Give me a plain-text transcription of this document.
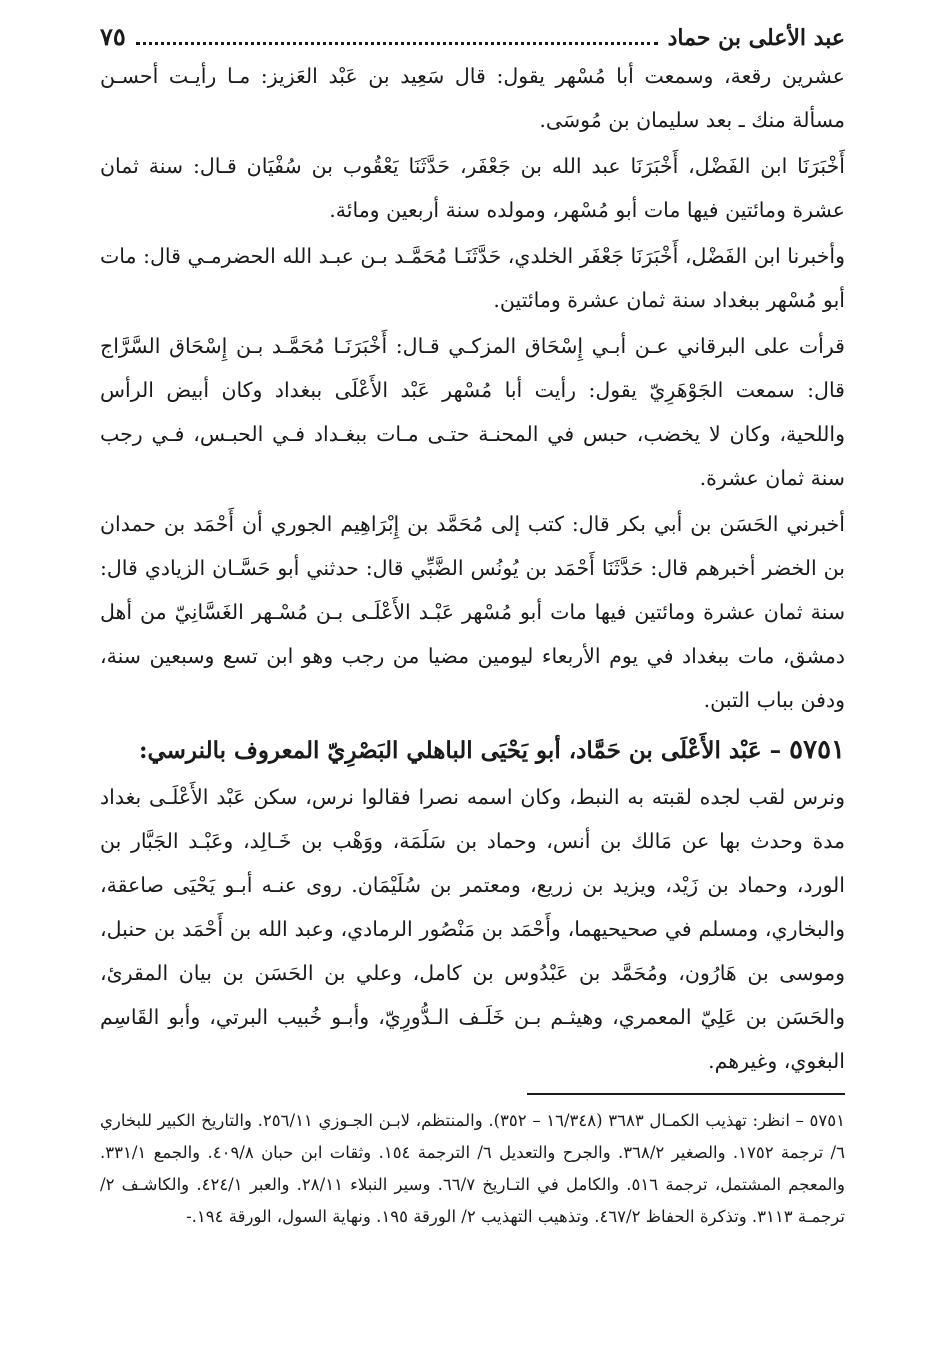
عبد الأعلى بن حماد
٧٥

عشرين رقعة، وسمعت أبا مُسْهر يقول: قال سَعِيد بن عَبْد العَزيز: مـا رأيـت أحسـن مسألة منك ـ بعد سليمان بن مُوسَى.

أَخْبَرَنَا ابن الفَضْل، أَخْبَرَنَا عبد الله بن جَعْفَر، حَدَّثَنَا يَعْقُوب بن سُفْيَان قـال: سنة ثمان عشرة ومائتين فيها مات أبو مُسْهر، ومولده سنة أربعين ومائة.

وأخبرنا ابن الفَضْل، أَخْبَرَنَا جَعْفَر الخلدي، حَدَّثَنَـا مُحَمَّـد بـن عبـد الله الحضرمـي قال: مات أبو مُسْهر ببغداد سنة ثمان عشرة ومائتين.

قرأت على البرقاني عـن أبـي إِسْحَاق المزكـي قـال: أَخْبَرَنَـا مُحَمَّـد بـن إِسْحَاق السَّرَّاج قال: سمعت الجَوْهَرِيّ يقول: رأيت أبا مُسْهر عَبْد الأَعْلَى ببغداد وكان أبيض الرأس واللحية، وكان لا يخضب، حبس في المحنـة حتـى مـات ببغـداد فـي الحبـس، فـي رجب سنة ثمان عشرة.

أخبرني الحَسَن بن أبي بكر قال: كتب إلى مُحَمَّد بن إِبْرَاهِيم الجوري أن أَحْمَد بن حمدان بن الخضر أخبرهم قال: حَدَّثَنَا أَحْمَد بن يُونُس الضَّبِّي قال: حدثني أبو حَسَّـان الزيادي قال: سنة ثمان عشرة ومائتين فيها مات أبو مُسْهر عَبْـد الأَعْلَـى بـن مُسْـهر الغَسَّانِيّ من أهل دمشق، مات ببغداد في يوم الأربعاء ليومين مضيا من رجب وهو ابن تسع وسبعين سنة، ودفن بباب التبن.

٥٧٥١ – عَبْد الأَعْلَى بن حَمَّاد، أبو يَحْيَى الباهلي البَصْرِيّ المعروف بالنرسي:

ونرس لقب لجده لقبته به النبط، وكان اسمه نصرا فقالوا نرس، سكن عَبْد الأَعْلَـى بغداد مدة وحدث بها عن مَالك بن أنس، وحماد بن سَلَمَة، ووَهْب بن خَـالِد، وعَبْـد الجَبَّار بن الورد، وحماد بن زَيْد، ويزيد بن زريع، ومعتمر بن سُلَيْمَان. روى عنـه أبـو يَحْيَى صاعقة، والبخاري، ومسلم في صحيحيهما، وأَحْمَد بن مَنْصُور الرمادي، وعبد الله بن أَحْمَد بن حنبل، وموسى بن هَارُون، ومُحَمَّد بن عَبْدُوس بن كامل، وعلي بن الحَسَن بن بيان المقرئ، والحَسَن بن عَلِيّ المعمري، وهيثـم بـن خَلَـف الـدُّورِيّ، وأبـو خُبيب البرتي، وأبو القَاسِم البغوي، وغيرهم.

٥٧٥١ – انظر: تهذيب الكمـال ٣٦٨٣ (١٦/٣٤٨ – ٣٥٢). والمنتظم، لابـن الجـوزي ٢٥٦/١١. والتاريخ الكبير للبخاري ٦/ ترجمة ١٧٥٢. والصغير ٣٦٨/٢. والجرح والتعديل ٦/ الترجمة ١٥٤. وثقات ابن حبان ٤٠٩/٨. والجمع ٣٣١/١. والمعجم المشتمل، ترجمة ٥١٦. والكامل في التـاريخ ٦٦/٧. وسير النبلاء ٢٨/١١. والعبر ٤٢٤/١. والكاشـف ٢/ ترجمـة ٣١١٣. وتذكرة الحفاظ ٤٦٧/٢. وتذهيب التهذيب ٢/ الورقة ١٩٥. ونهاية السول، الورقة ١٩٤.-
